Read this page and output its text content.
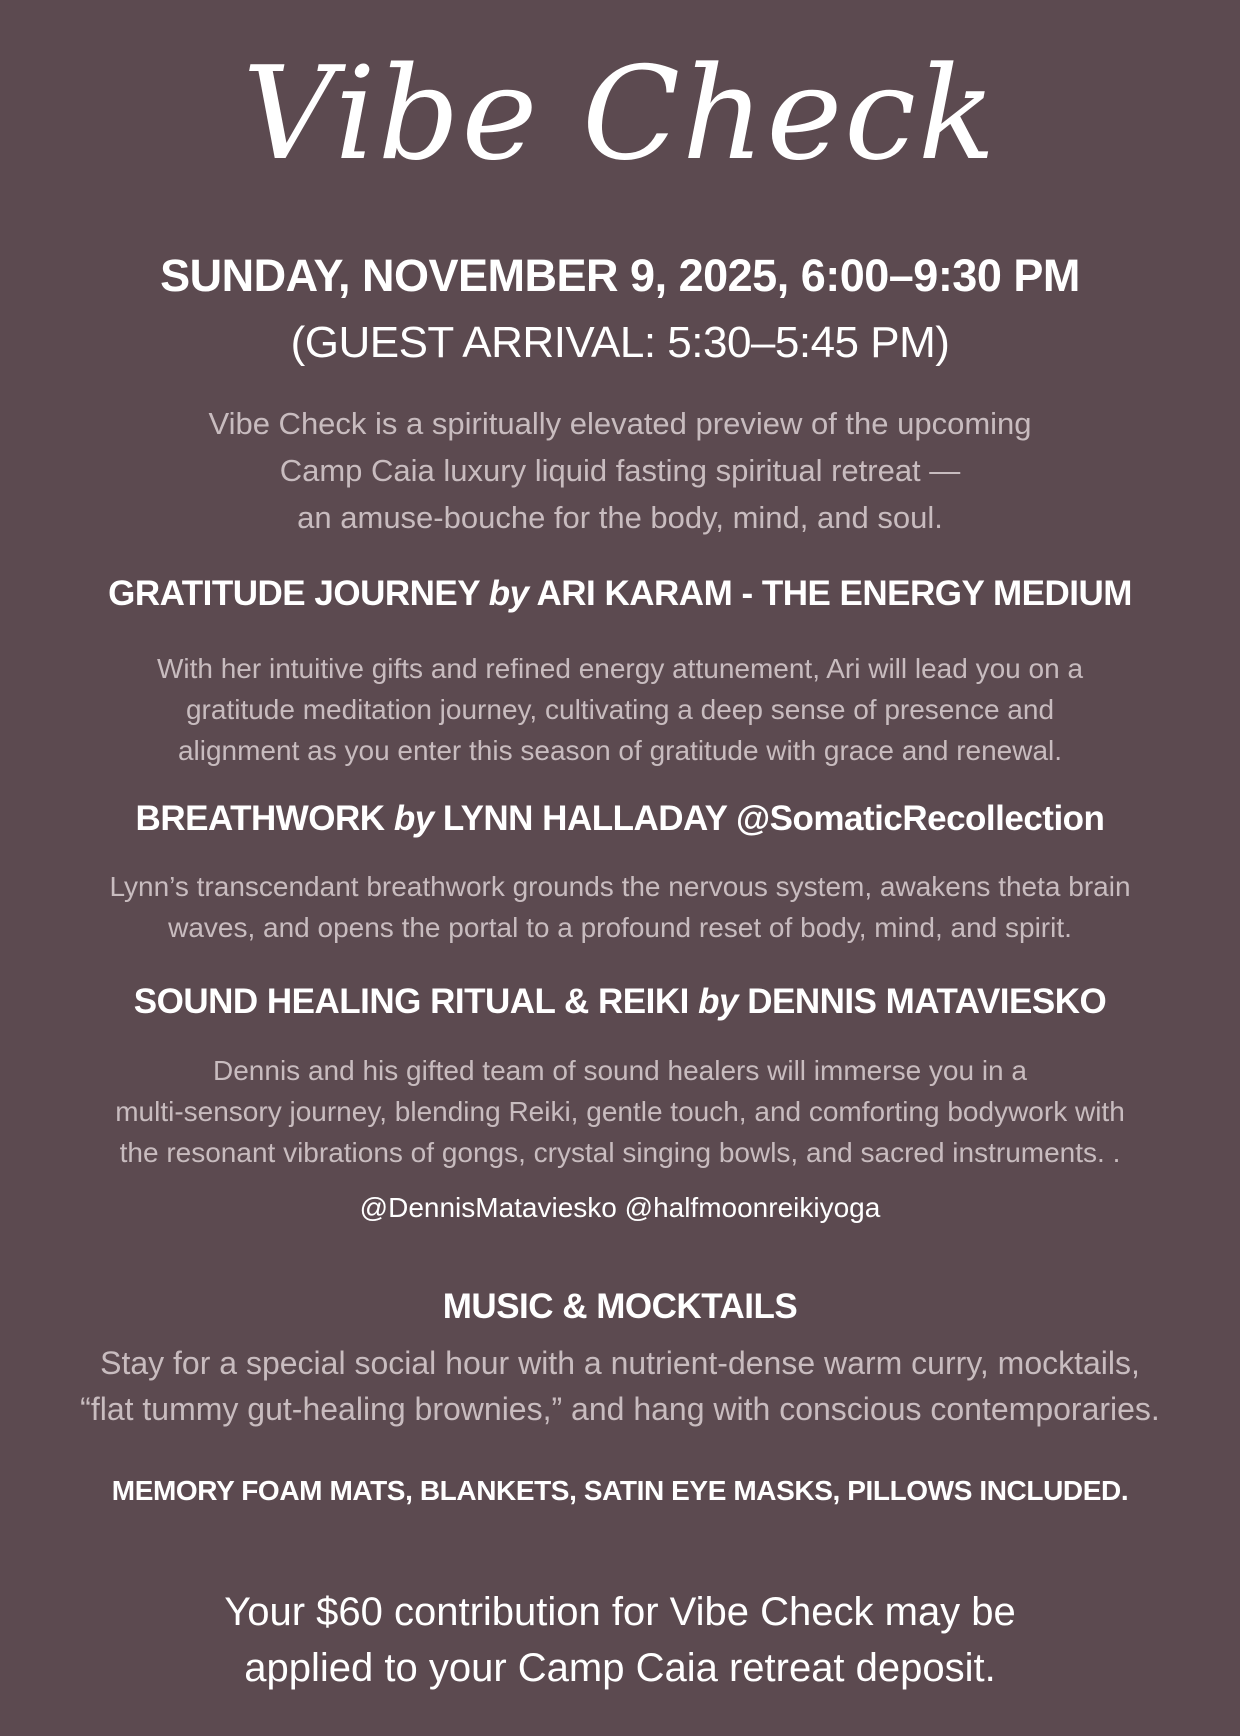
Vibe Check
SUNDAY, NOVEMBER 9, 2025, 6:00–9:30 PM
(GUEST ARRIVAL: 5:30–5:45 PM)
Vibe Check is a spiritually elevated preview of the upcoming
Camp Caia luxury liquid fasting spiritual retreat —
an amuse-bouche for the body, mind, and soul.
GRATITUDE JOURNEY by ARI KARAM - THE ENERGY MEDIUM
With her intuitive gifts and refined energy attunement, Ari will lead you on a
gratitude meditation journey, cultivating a deep sense of presence and
alignment as you enter this season of gratitude with grace and renewal.
BREATHWORK by LYNN HALLADAY @SomaticRecollection
Lynn’s transcendant breathwork grounds the nervous system, awakens theta brain
waves, and opens the portal to a profound reset of body, mind, and spirit.
SOUND HEALING RITUAL & REIKI by DENNIS MATAVIESKO
Dennis and his gifted team of sound healers will immerse you in a
multi-sensory journey, blending Reiki, gentle touch, and comforting bodywork with
the resonant vibrations of gongs, crystal singing bowls, and sacred instruments. .
@DennisMataviesko @halfmoonreikiyoga
MUSIC & MOCKTAILS
Stay for a special social hour with a nutrient-dense warm curry, mocktails,
“flat tummy gut-healing brownies,” and hang with conscious contemporaries.
MEMORY FOAM MATS, BLANKETS, SATIN EYE MASKS, PILLOWS INCLUDED.
Your $60 contribution for Vibe Check may be
applied to your Camp Caia retreat deposit.
